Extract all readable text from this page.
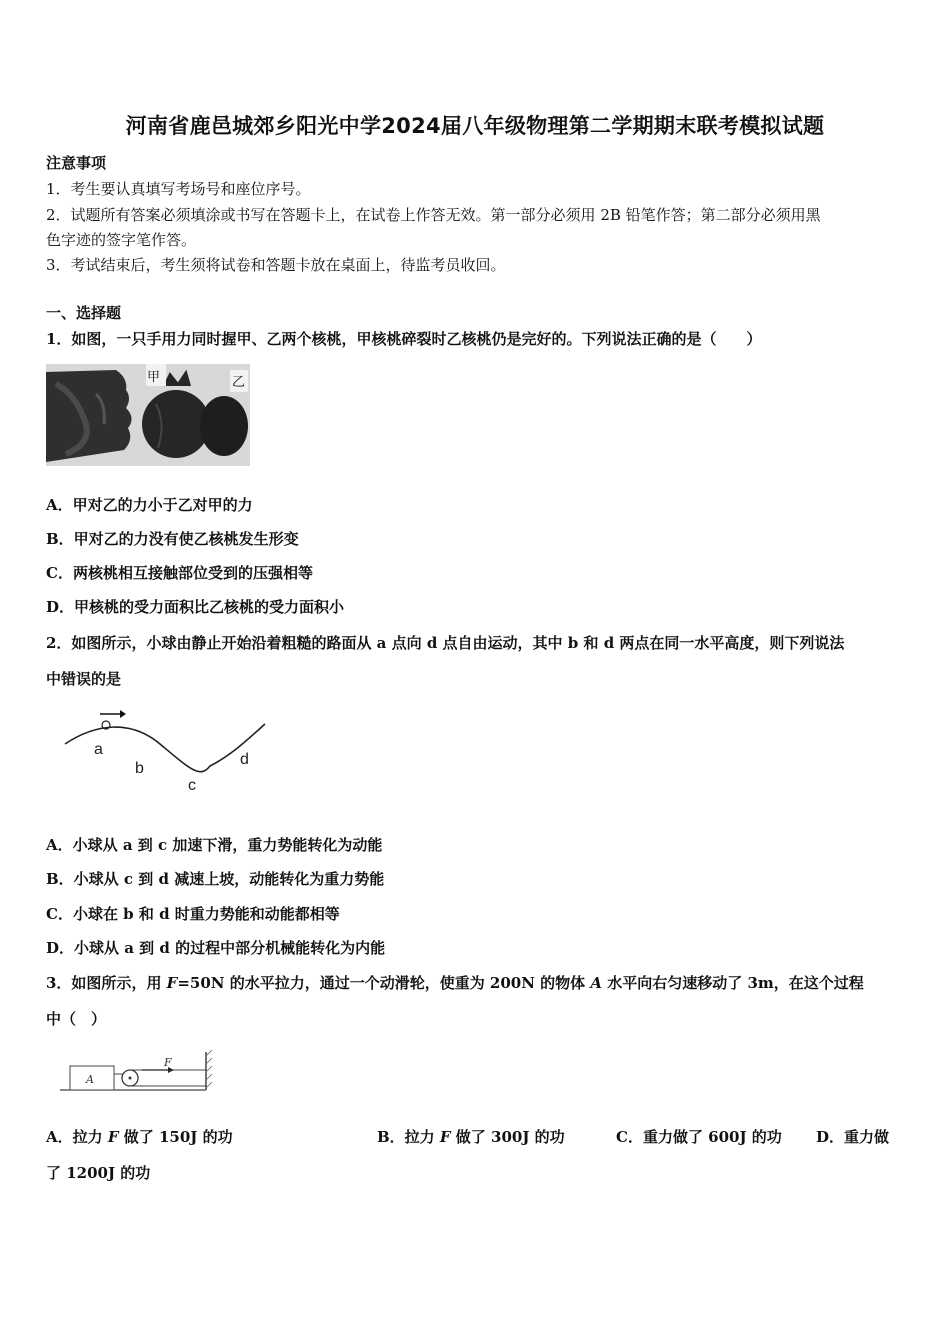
河南省鹿邑城郊乡阳光中学2024届八年级物理第二学期期末联考模拟试题
注意事项
1．考生要认真填写考场号和座位序号。
2．试题所有答案必须填涂或书写在答题卡上，在试卷上作答无效。第一部分必须用 2B 铅笔作答；第二部分必须用黑
色字迹的签字笔作答。
3．考试结束后，考生须将试卷和答题卡放在桌面上，待监考员收回。
一、选择题
1．如图，一只手用力同时握甲、乙两个核桃，甲核桃碎裂时乙核桃仍是完好的。下列说法正确的是（　　）
甲	乙
A．甲对乙的力小于乙对甲的力
B．甲对乙的力没有使乙核桃发生形变
C．两核桃相互接触部位受到的压强相等
D．甲核桃的受力面积比乙核桃的受力面积小
2．如图所示，小球由静止开始沿着粗糙的路面从 a 点向 d 点自由运动，其中 b 和 d 两点在同一水平高度，则下列说法
中错误的是
a
b
c
d
A．小球从 a 到 c 加速下滑，重力势能转化为动能
B．小球从 c 到 d 减速上坡，动能转化为重力势能
C．小球在 b 和 d 时重力势能和动能都相等
D．小球从 a 到 d 的过程中部分机械能转化为内能
3．如图所示，用 F=50N 的水平拉力，通过一个动滑轮，使重为 200N 的物体 A 水平向右匀速移动了 3m，在这个过程
中（　）
A
F
A．拉力 F 做了 150J 的功	B．拉力 F 做了 300J 的功	C．重力做了 600J 的功 D．重力做
了 1200J 的功
